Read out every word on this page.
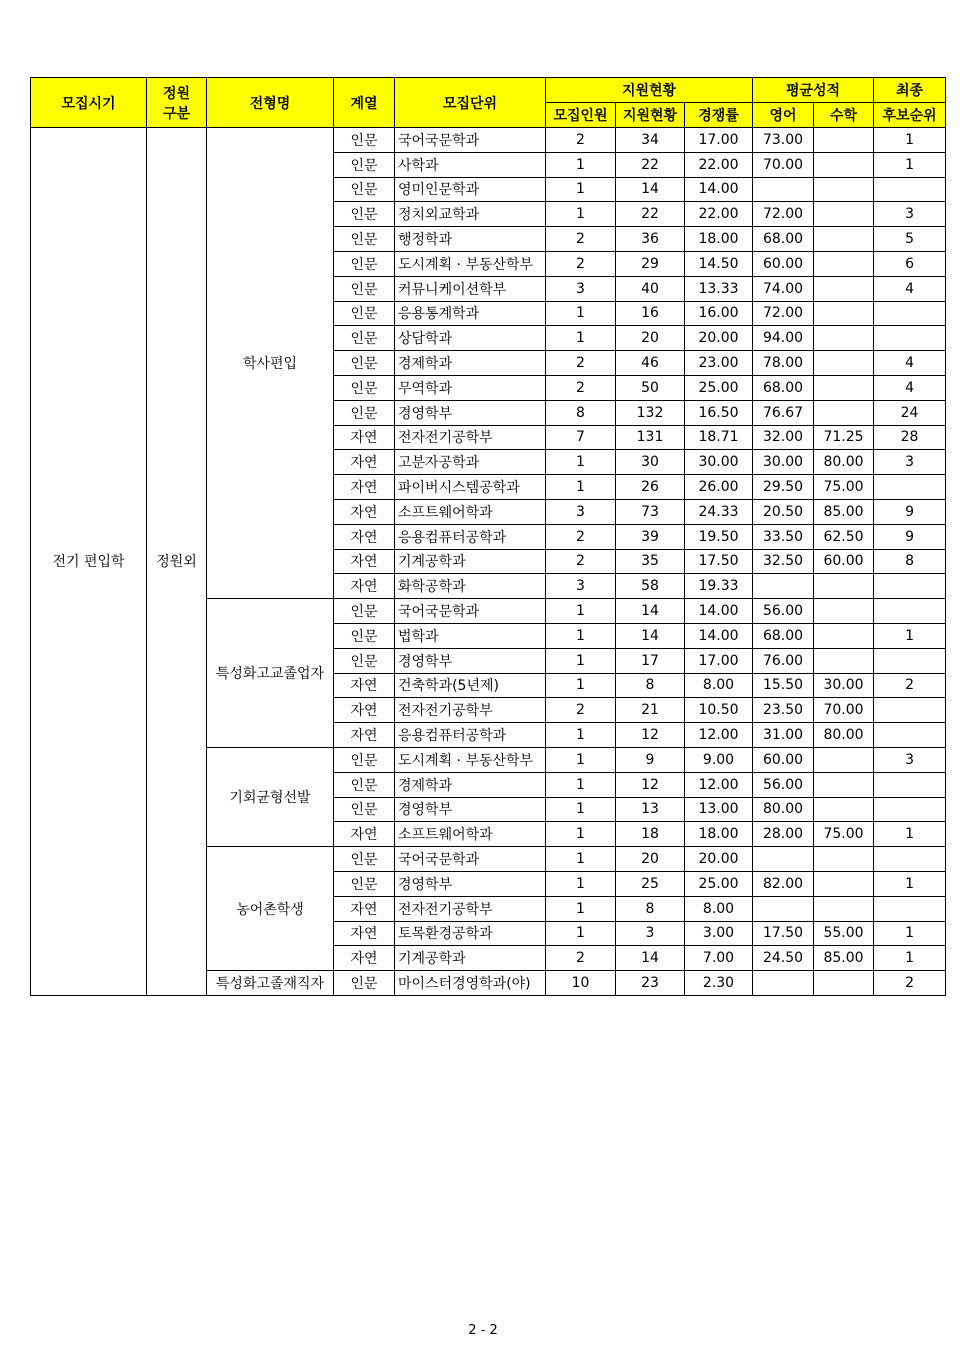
모집시기	정원
구분	전형명	계열	모집단위	지원현황			평균성적		최종
					모집인원	지원현황	경쟁률	영어	수학	후보순위
전기 편입학	정원외	학사편입	인문	국어국문학과	2	34	17.00	73.00		1
			인문	사학과	1	22	22.00	70.00		1
			인문	영미인문학과	1	14	14.00			
			인문	정치외교학과	1	22	22.00	72.00		3
			인문	행정학과	2	36	18.00	68.00		5
			인문	도시계획 · 부동산학부	2	29	14.50	60.00		6
			인문	커뮤니케이션학부	3	40	13.33	74.00		4
			인문	응용통계학과	1	16	16.00	72.00		
			인문	상담학과	1	20	20.00	94.00		
			인문	경제학과	2	46	23.00	78.00		4
			인문	무역학과	2	50	25.00	68.00		4
			인문	경영학부	8	132	16.50	76.67		24
			자연	전자전기공학부	7	131	18.71	32.00	71.25	28
			자연	고분자공학과	1	30	30.00	30.00	80.00	3
			자연	파이버시스템공학과	1	26	26.00	29.50	75.00	
			자연	소프트웨어학과	3	73	24.33	20.50	85.00	9
			자연	응용컴퓨터공학과	2	39	19.50	33.50	62.50	9
			자연	기계공학과	2	35	17.50	32.50	60.00	8
			자연	화학공학과	3	58	19.33			
		특성화고교졸업자	인문	국어국문학과	1	14	14.00	56.00		
			인문	법학과	1	14	14.00	68.00		1
			인문	경영학부	1	17	17.00	76.00		
			자연	건축학과(5년제)	1	8	8.00	15.50	30.00	2
			자연	전자전기공학부	2	21	10.50	23.50	70.00	
			자연	응용컴퓨터공학과	1	12	12.00	31.00	80.00	
		기회균형선발	인문	도시계획 · 부동산학부	1	9	9.00	60.00		3
			인문	경제학과	1	12	12.00	56.00		
			인문	경영학부	1	13	13.00	80.00		
			자연	소프트웨어학과	1	18	18.00	28.00	75.00	1
		농어촌학생	인문	국어국문학과	1	20	20.00			
			인문	경영학부	1	25	25.00	82.00		1
			자연	전자전기공학부	1	8	8.00			
			자연	토목환경공학과	1	3	3.00	17.50	55.00	1
			자연	기계공학과	2	14	7.00	24.50	85.00	1
		특성화고졸재직자	인문	마이스터경영학과(야)	10	23	2.30			2
2 - 2
